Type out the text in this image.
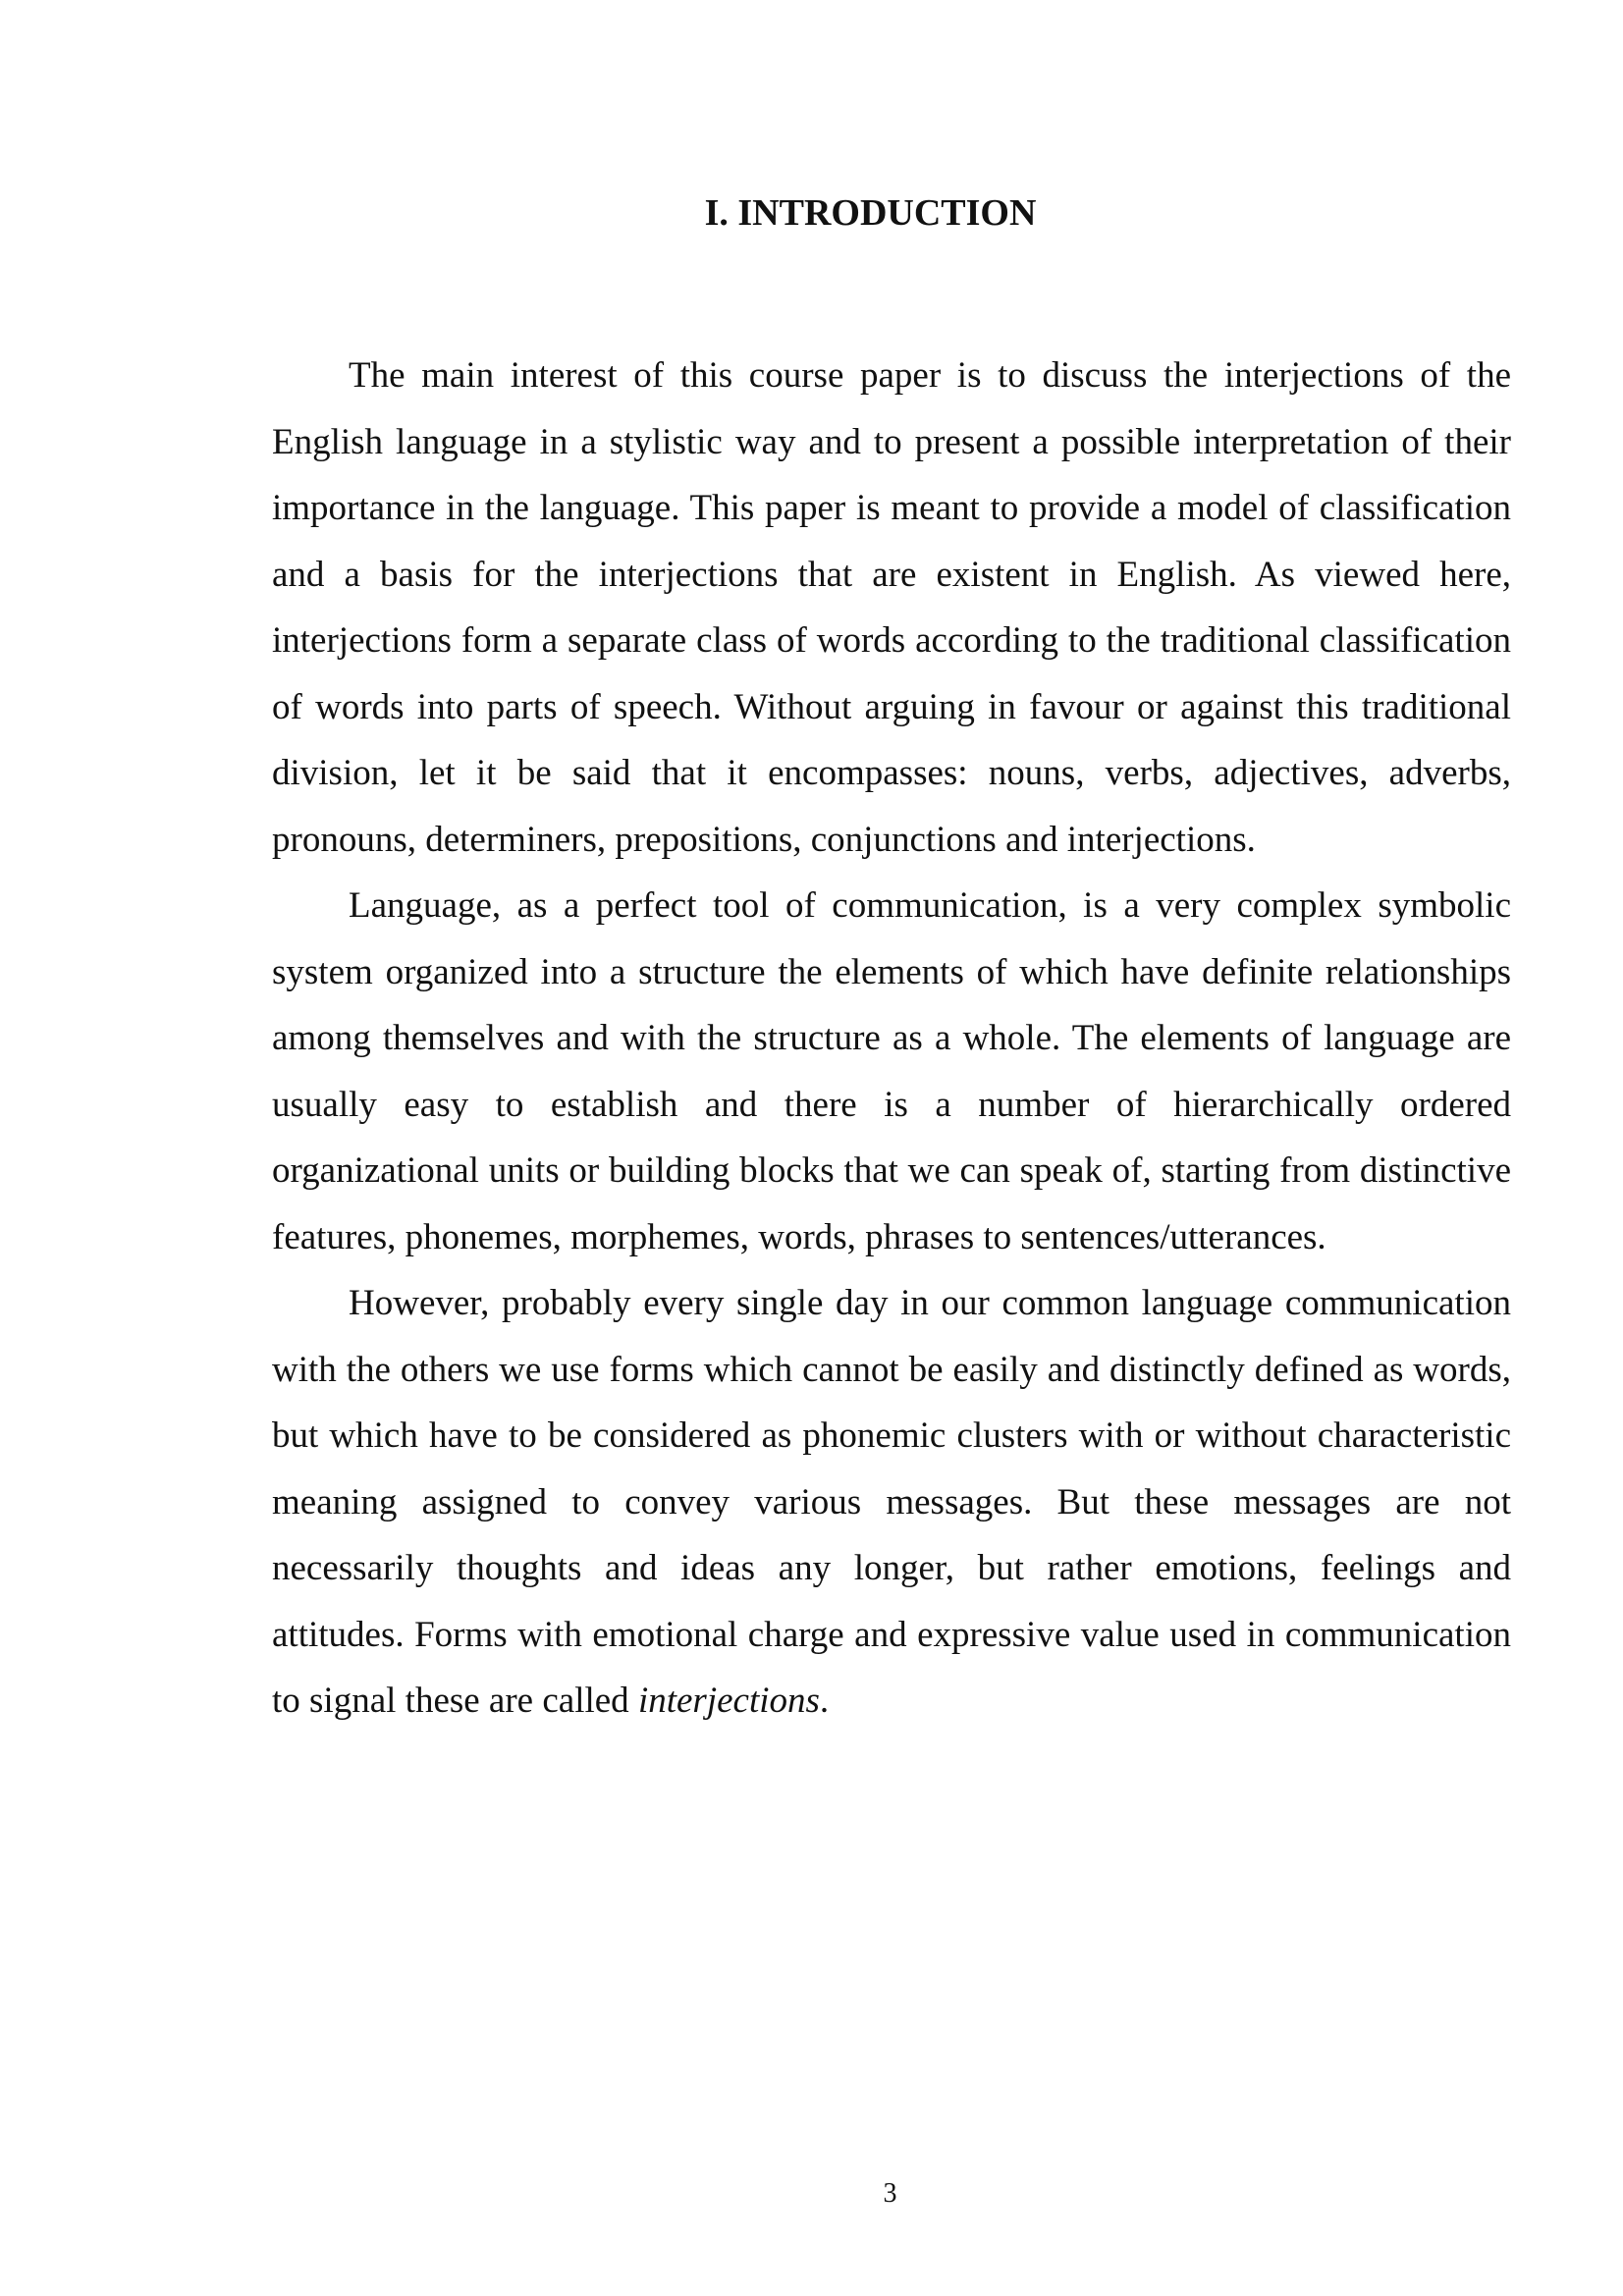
I. INTRODUCTION

The main interest of this course paper is to discuss the interjections of the English language in a stylistic way and to present a possible interpretation of their importance in the language. This paper is meant to provide a model of classification and a basis for the interjections that are existent in English. As viewed here, interjections form a separate class of words according to the traditional classification of words into parts of speech. Without arguing in favour or against this traditional division, let it be said that it encompasses: nouns, verbs, adjectives, adverbs, pronouns, determiners, prepositions, conjunctions and interjections.

Language, as a perfect tool of communication, is a very complex symbolic system organized into a structure the elements of which have definite relationships among themselves and with the structure as a whole. The elements of language are usually easy to establish and there is a number of hierarchically ordered organizational units or building blocks that we can speak of, starting from distinctive features, phonemes, morphemes, words, phrases to sentences/utterances.

However, probably every single day in our common language communication with the others we use forms which cannot be easily and distinctly defined as words, but which have to be considered as phonemic clusters with or without characteristic meaning assigned to convey various messages. But these messages are not necessarily thoughts and ideas any longer, but rather emotions, feelings and attitudes. Forms with emotional charge and expressive value used in communication to signal these are called interjections.

3
